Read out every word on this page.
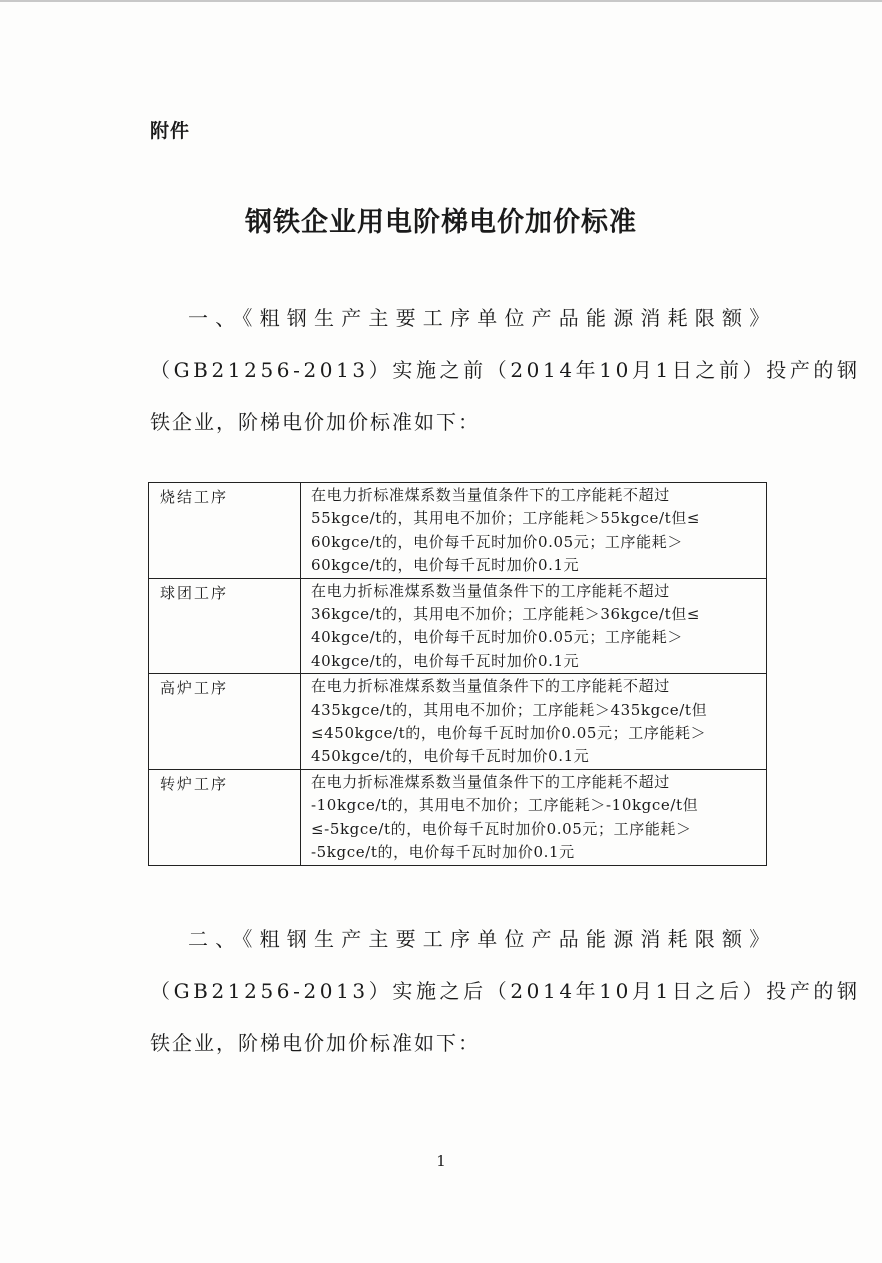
附件
钢铁企业用电阶梯电价加价标准
一、《粗钢生产主要工序单位产品能源消耗限额》
（GB21256-2013）实施之前（2014年10月1日之前）投产的钢
铁企业，阶梯电价加价标准如下：
烧结工序	在电力折标准煤系数当量值条件下的工序能耗不超过
55kgce/t的，其用电不加价；工序能耗＞55kgce/t但≤
60kgce/t的，电价每千瓦时加价0.05元；工序能耗＞
60kgce/t的，电价每千瓦时加价0.1元

球团工序	在电力折标准煤系数当量值条件下的工序能耗不超过
36kgce/t的，其用电不加价；工序能耗＞36kgce/t但≤
40kgce/t的，电价每千瓦时加价0.05元；工序能耗＞
40kgce/t的，电价每千瓦时加价0.1元

高炉工序	在电力折标准煤系数当量值条件下的工序能耗不超过
435kgce/t的，其用电不加价；工序能耗＞435kgce/t但
≤450kgce/t的，电价每千瓦时加价0.05元；工序能耗＞
450kgce/t的，电价每千瓦时加价0.1元

转炉工序	在电力折标准煤系数当量值条件下的工序能耗不超过
-10kgce/t的，其用电不加价；工序能耗＞-10kgce/t但
≤-5kgce/t的，电价每千瓦时加价0.05元；工序能耗＞
-5kgce/t的，电价每千瓦时加价0.1元
二、《粗钢生产主要工序单位产品能源消耗限额》
（GB21256-2013）实施之后（2014年10月1日之后）投产的钢
铁企业，阶梯电价加价标准如下：
1
